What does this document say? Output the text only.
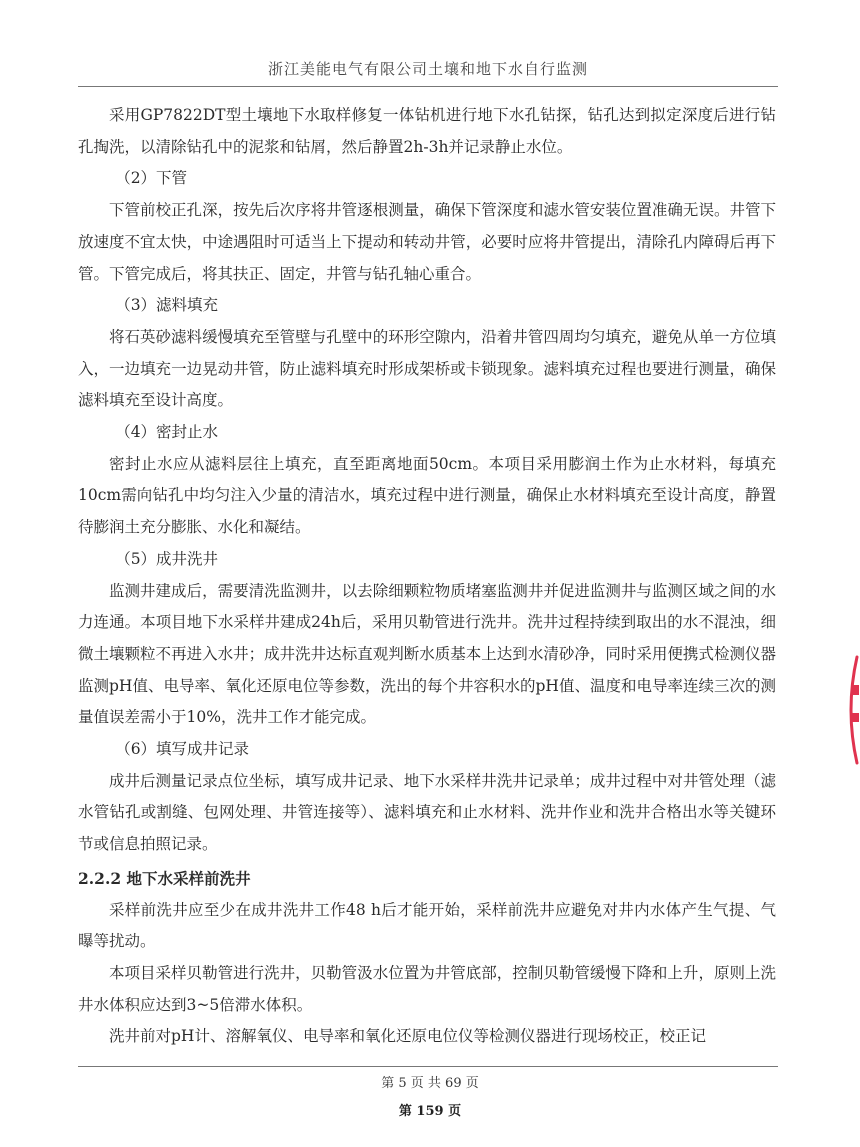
浙江美能电气有限公司土壤和地下水自行监测

采用GP7822DT型土壤地下水取样修复一体钻机进行地下水孔钻探，钻孔达到拟定深度后进行钻孔掏洗，以清除钻孔中的泥浆和钻屑，然后静置2h-3h并记录静止水位。

（2）下管

下管前校正孔深，按先后次序将井管逐根测量，确保下管深度和滤水管安装位置准确无误。井管下放速度不宜太快，中途遇阻时可适当上下提动和转动井管，必要时应将井管提出，清除孔内障碍后再下管。下管完成后，将其扶正、固定，井管与钻孔轴心重合。

（3）滤料填充

将石英砂滤料缓慢填充至管壁与孔壁中的环形空隙内，沿着井管四周均匀填充，避免从单一方位填入，一边填充一边晃动井管，防止滤料填充时形成架桥或卡锁现象。滤料填充过程也要进行测量，确保滤料填充至设计高度。

（4）密封止水

密封止水应从滤料层往上填充，直至距离地面50cm。本项目采用膨润土作为止水材料，每填充10cm需向钻孔中均匀注入少量的清洁水，填充过程中进行测量，确保止水材料填充至设计高度，静置待膨润土充分膨胀、水化和凝结。

（5）成井洗井

监测井建成后，需要清洗监测井，以去除细颗粒物质堵塞监测井并促进监测井与监测区域之间的水力连通。本项目地下水采样井建成24h后，采用贝勒管进行洗井。洗井过程持续到取出的水不混浊，细微土壤颗粒不再进入水井；成井洗井达标直观判断水质基本上达到水清砂净，同时采用便携式检测仪器监测pH值、电导率、氧化还原电位等参数，洗出的每个井容积水的pH值、温度和电导率连续三次的测量值误差需小于10%，洗井工作才能完成。

（6）填写成井记录

成井后测量记录点位坐标，填写成井记录、地下水采样井洗井记录单；成井过程中对井管处理（滤水管钻孔或割缝、包网处理、井管连接等）、滤料填充和止水材料、洗井作业和洗井合格出水等关键环节或信息拍照记录。

2.2.2 地下水采样前洗井

采样前洗井应至少在成井洗井工作48 h后才能开始，采样前洗井应避免对井内水体产生气提、气曝等扰动。

本项目采样贝勒管进行洗井，贝勒管汲水位置为井管底部，控制贝勒管缓慢下降和上升，原则上洗井水体积应达到3~5倍滞水体积。

洗井前对pH计、溶解氧仪、电导率和氧化还原电位仪等检测仪器进行现场校正，校正记

第 5 页 共 69 页
第 159 页
